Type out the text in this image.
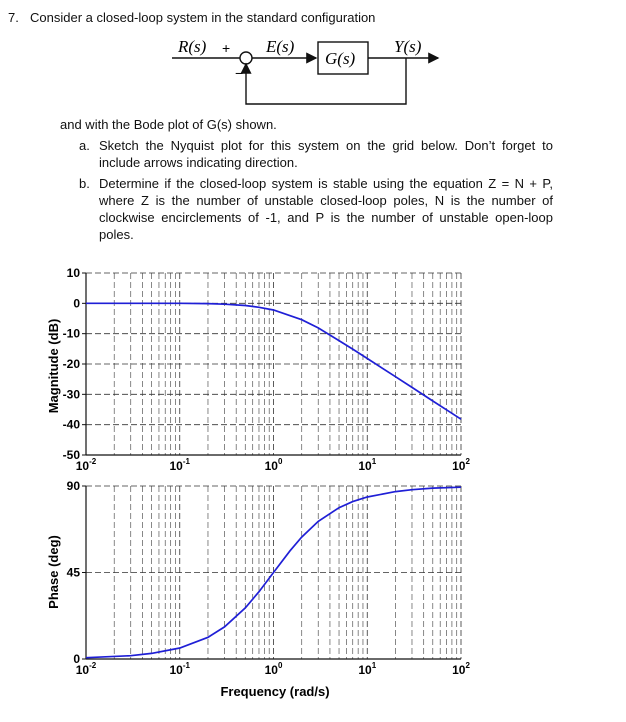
7. Consider a closed-loop system in the standard configuration
R(s) +
−
E(s)
G(s)
Y(s)
and with the Bode plot of G(s) shown.
a. Sketch the Nyquist plot for this system on the grid below. Don’t forget to include arrows indicating direction.
b. Determine if the closed-loop system is stable using the equation Z = N + P, where Z is the number of unstable closed-loop poles, N is the number of clockwise encirclements of -1, and P is the number of unstable open-loop poles.
10
0
-10
-20
-30
-40
-50
$10^{-2}$	$10^{-1}$	$10^0$	$10^1$	$10^2$
90
45
0
$10^{-2}$	$10^{-1}$	$10^0$	$10^1$	$10^2$
Frequency (rad/s)
Magnitude (dB)
Phase (deg)
